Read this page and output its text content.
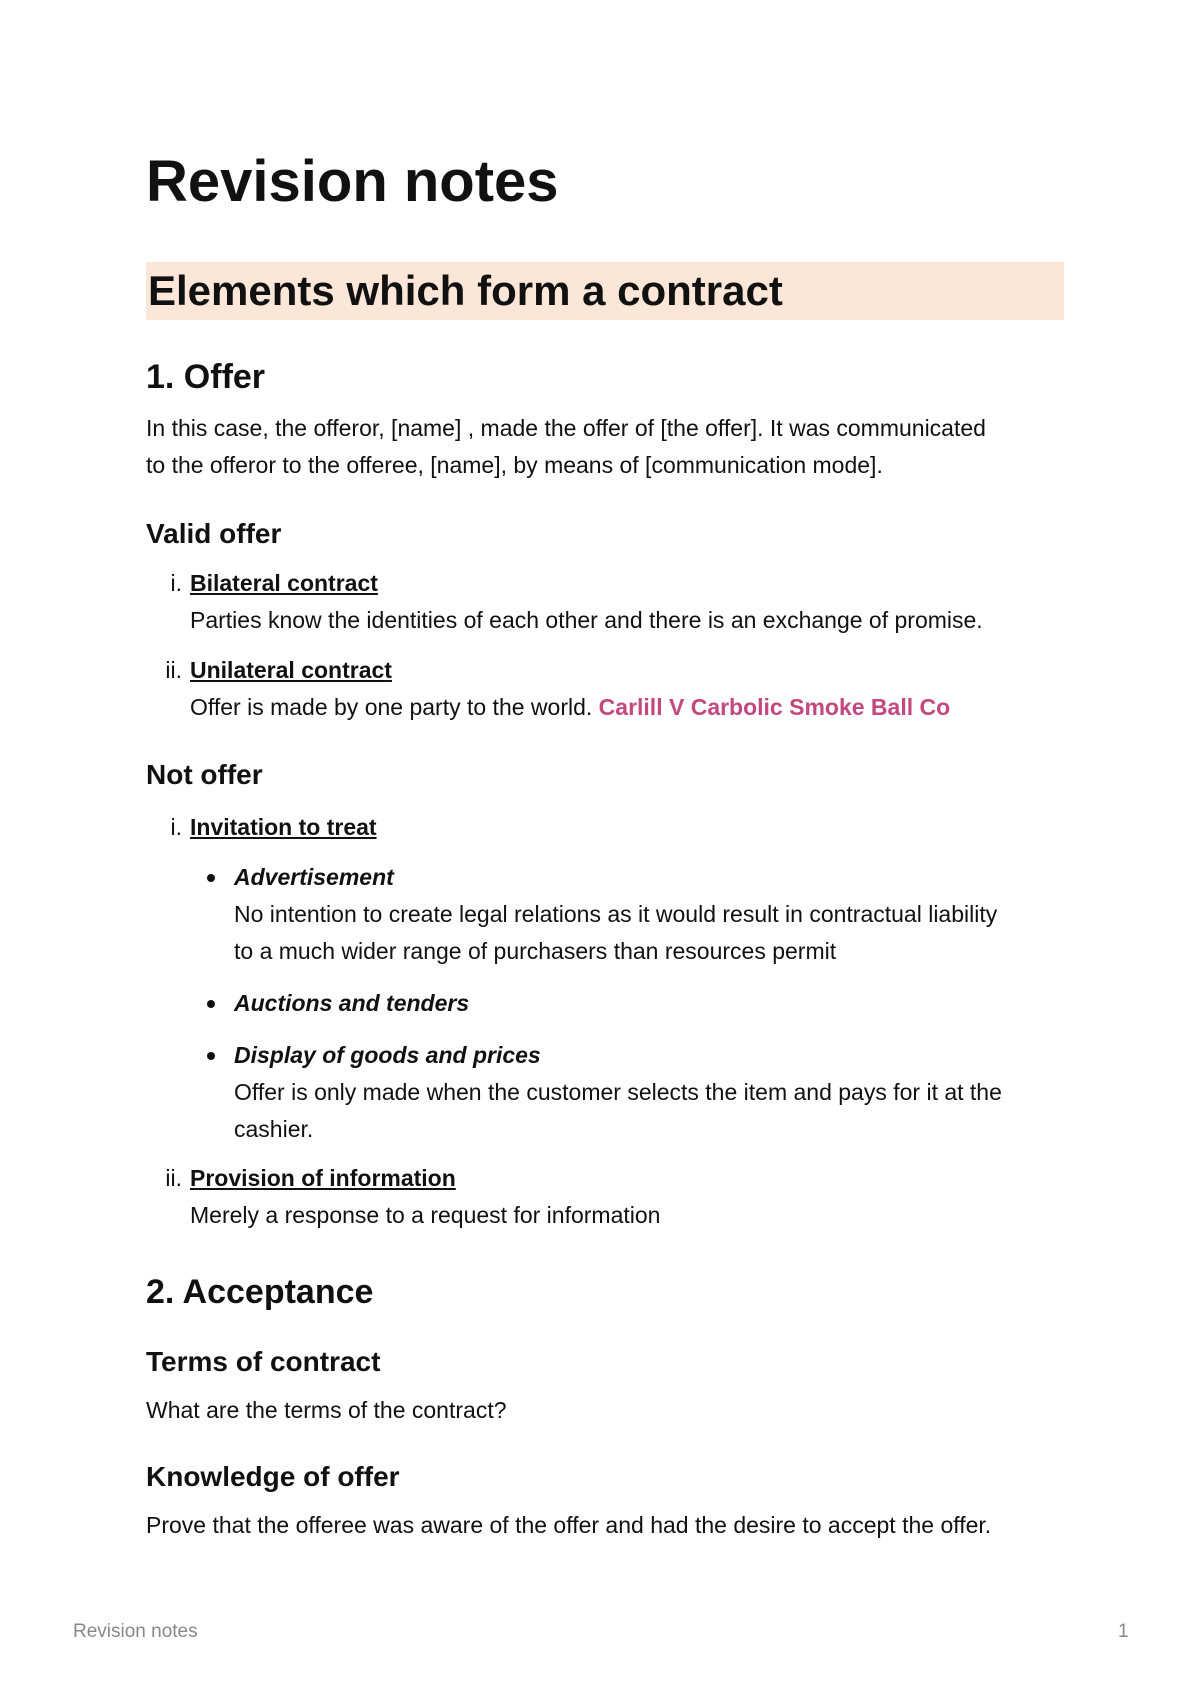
Revision notes
Elements which form a contract
1. Offer

In this case, the offeror, [name] , made the offer of [the offer]. It was communicated

to the offeror to the offeree, [name], by means of [communication mode].

Valid offer
i. Bilateral contract

Parties know the identities of each other and there is an exchange of promise.

ii. Unilateral contract

Offer is made by one party to the world. Carlill V Carbolic Smoke Ball Co

Not offer
i. Invitation to treat
Advertisement

No intention to create legal relations as it would result in contractual liability

to a much wider range of purchasers than resources permit

Auctions and tenders
Display of goods and prices

Offer is only made when the customer selects the item and pays for it at the

cashier.

ii. Provision of information

Merely a response to a request for information

2. Acceptance
Terms of contract

What are the terms of the contract?

Knowledge of offer

Prove that the offeree was aware of the offer and had the desire to accept the offer.

Revision notes	1
